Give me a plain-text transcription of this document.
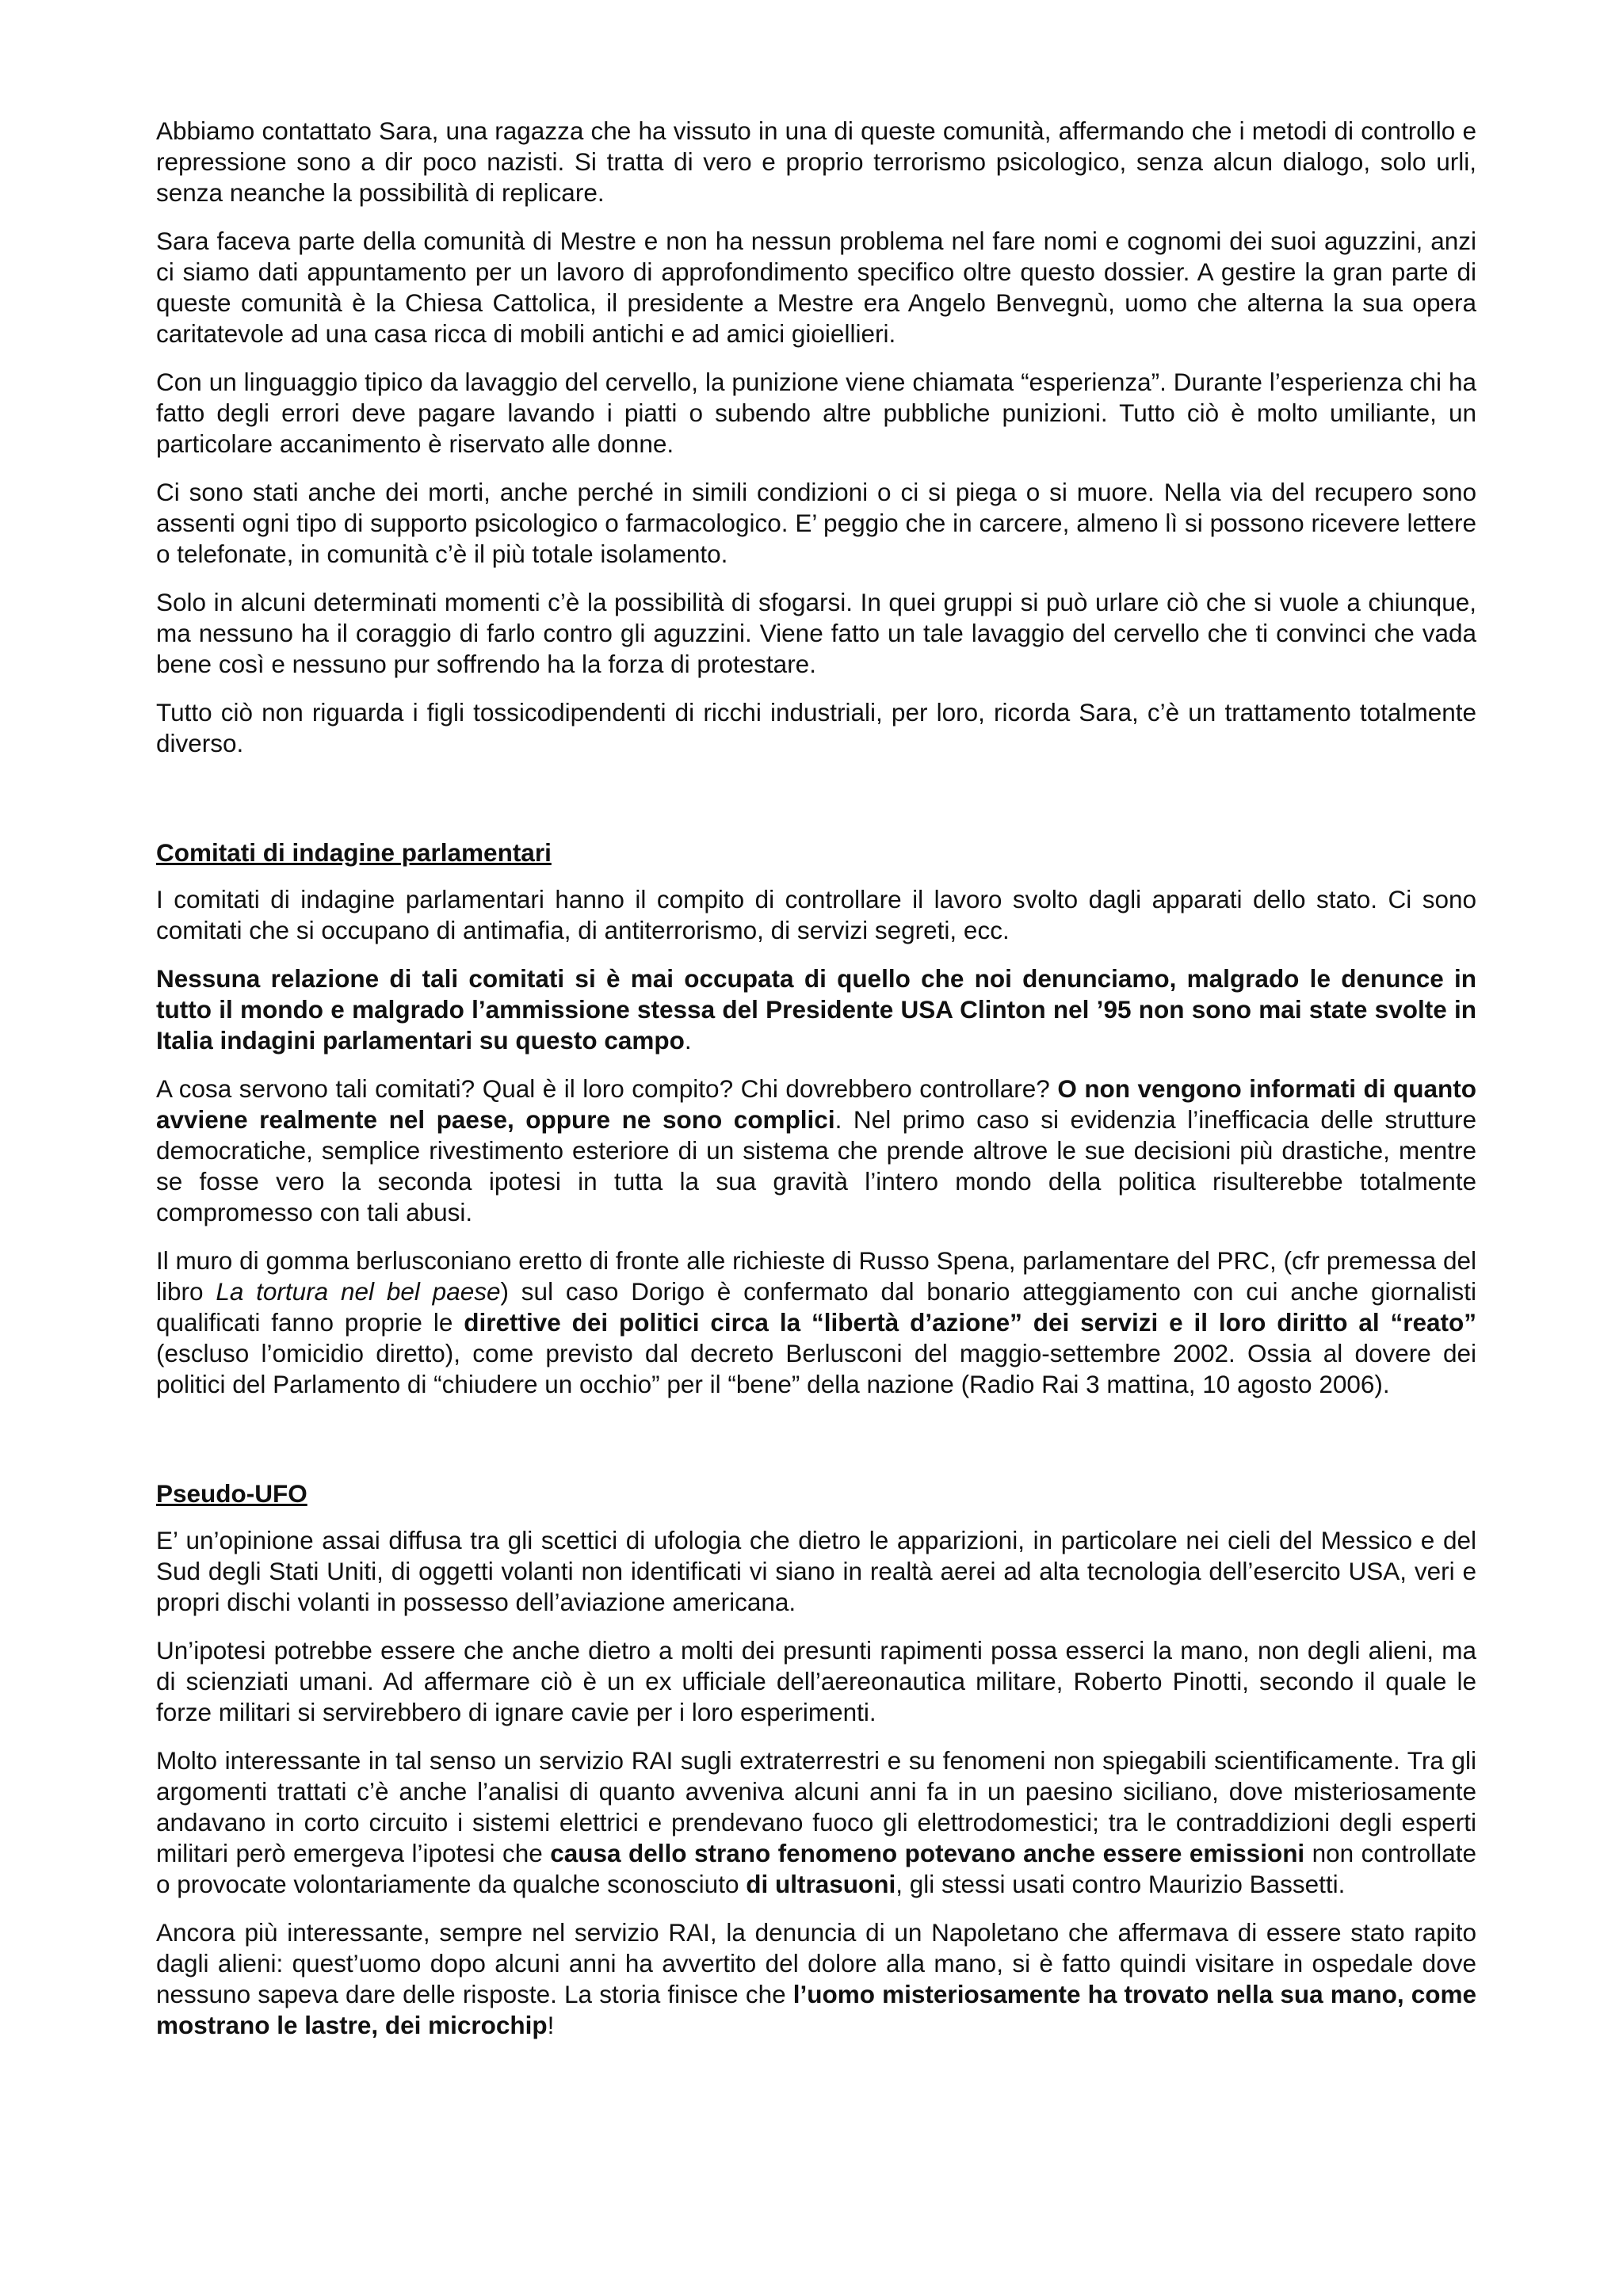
Abbiamo contattato Sara, una ragazza che ha vissuto in una di queste comunità, affermando che i metodi di controllo e repressione sono a dir poco nazisti. Si tratta di vero e proprio terrorismo psicologico, senza alcun dialogo, solo urli, senza neanche la possibilità di replicare.

Sara faceva parte della comunità di Mestre e non ha nessun problema nel fare nomi e cognomi dei suoi aguzzini, anzi ci siamo dati appuntamento per un lavoro di approfondimento specifico oltre questo dossier. A gestire la gran parte di queste comunità è la Chiesa Cattolica, il presidente a Mestre era Angelo Benvegnù, uomo che alterna la sua opera caritatevole ad una casa ricca di mobili antichi e ad amici gioiellieri.

Con un linguaggio tipico da lavaggio del cervello, la punizione viene chiamata “esperienza”. Durante l’esperienza chi ha fatto degli errori deve pagare lavando i piatti o subendo altre pubbliche punizioni. Tutto ciò è molto umiliante, un particolare accanimento è riservato alle donne.

Ci sono stati anche dei morti, anche perché in simili condizioni o ci si piega o si muore. Nella via del recupero sono assenti ogni tipo di supporto psicologico o farmacologico. E’ peggio che in carcere, almeno lì si possono ricevere lettere o telefonate, in comunità c’è il più totale isolamento.

Solo in alcuni determinati momenti c’è la possibilità di sfogarsi. In quei gruppi si può urlare ciò che si vuole a chiunque, ma nessuno ha il coraggio di farlo contro gli aguzzini. Viene fatto un tale lavaggio del cervello che ti convinci che vada bene così e nessuno pur soffrendo ha la forza di protestare.

Tutto ciò non riguarda i figli tossicodipendenti di ricchi industriali, per loro, ricorda Sara, c’è un trattamento totalmente diverso.

Comitati di indagine parlamentari

I comitati di indagine parlamentari hanno il compito di controllare il lavoro svolto dagli apparati dello stato. Ci sono comitati che si occupano di antimafia, di antiterrorismo, di servizi segreti, ecc.

Nessuna relazione di tali comitati si è mai occupata di quello che noi denunciamo, malgrado le denunce in tutto il mondo e malgrado l’ammissione stessa del Presidente USA Clinton nel ’95 non sono mai state svolte in Italia indagini parlamentari su questo campo.

A cosa servono tali comitati? Qual è il loro compito? Chi dovrebbero controllare? O non vengono informati di quanto avviene realmente nel paese, oppure ne sono complici. Nel primo caso si evidenzia l’inefficacia delle strutture democratiche, semplice rivestimento esteriore di un sistema che prende altrove le sue decisioni più drastiche, mentre se fosse vero la seconda ipotesi in tutta la sua gravità l’intero mondo della politica risulterebbe totalmente compromesso con tali abusi.

Il muro di gomma berlusconiano eretto di fronte alle richieste di Russo Spena, parlamentare del PRC, (cfr premessa del libro La tortura nel bel paese) sul caso Dorigo è confermato dal bonario atteggiamento con cui anche giornalisti qualificati fanno proprie le direttive dei politici circa la “libertà d’azione” dei servizi e il loro diritto al “reato” (escluso l’omicidio diretto), come previsto dal decreto Berlusconi del maggio-settembre 2002. Ossia al dovere dei politici del Parlamento di “chiudere un occhio” per il “bene” della nazione (Radio Rai 3 mattina, 10 agosto 2006).

Pseudo-UFO

E’ un’opinione assai diffusa tra gli scettici di ufologia che dietro le apparizioni, in particolare nei cieli del Messico e del Sud degli Stati Uniti, di oggetti volanti non identificati vi siano in realtà aerei ad alta tecnologia dell’esercito USA, veri e propri dischi volanti in possesso dell’aviazione americana.

Un’ipotesi potrebbe essere che anche dietro a molti dei presunti rapimenti possa esserci la mano, non degli alieni, ma di scienziati umani. Ad affermare ciò è un ex ufficiale dell’aereonautica militare, Roberto Pinotti, secondo il quale le forze militari si servirebbero di ignare cavie per i loro esperimenti.

Molto interessante in tal senso un servizio RAI sugli extraterrestri e su fenomeni non spiegabili scientificamente. Tra gli argomenti trattati c’è anche l’analisi di quanto avveniva alcuni anni fa in un paesino siciliano, dove misteriosamente andavano in corto circuito i sistemi elettrici e prendevano fuoco gli elettrodomestici; tra le contraddizioni degli esperti militari però emergeva l’ipotesi che causa dello strano fenomeno potevano anche essere emissioni non controllate o provocate volontariamente da qualche sconosciuto di ultrasuoni, gli stessi usati contro Maurizio Bassetti.

Ancora più interessante, sempre nel servizio RAI, la denuncia di un Napoletano che affermava di essere stato rapito dagli alieni: quest’uomo dopo alcuni anni ha avvertito del dolore alla mano, si è fatto quindi visitare in ospedale dove nessuno sapeva dare delle risposte. La storia finisce che l’uomo misteriosamente ha trovato nella sua mano, come mostrano le lastre, dei microchip!
